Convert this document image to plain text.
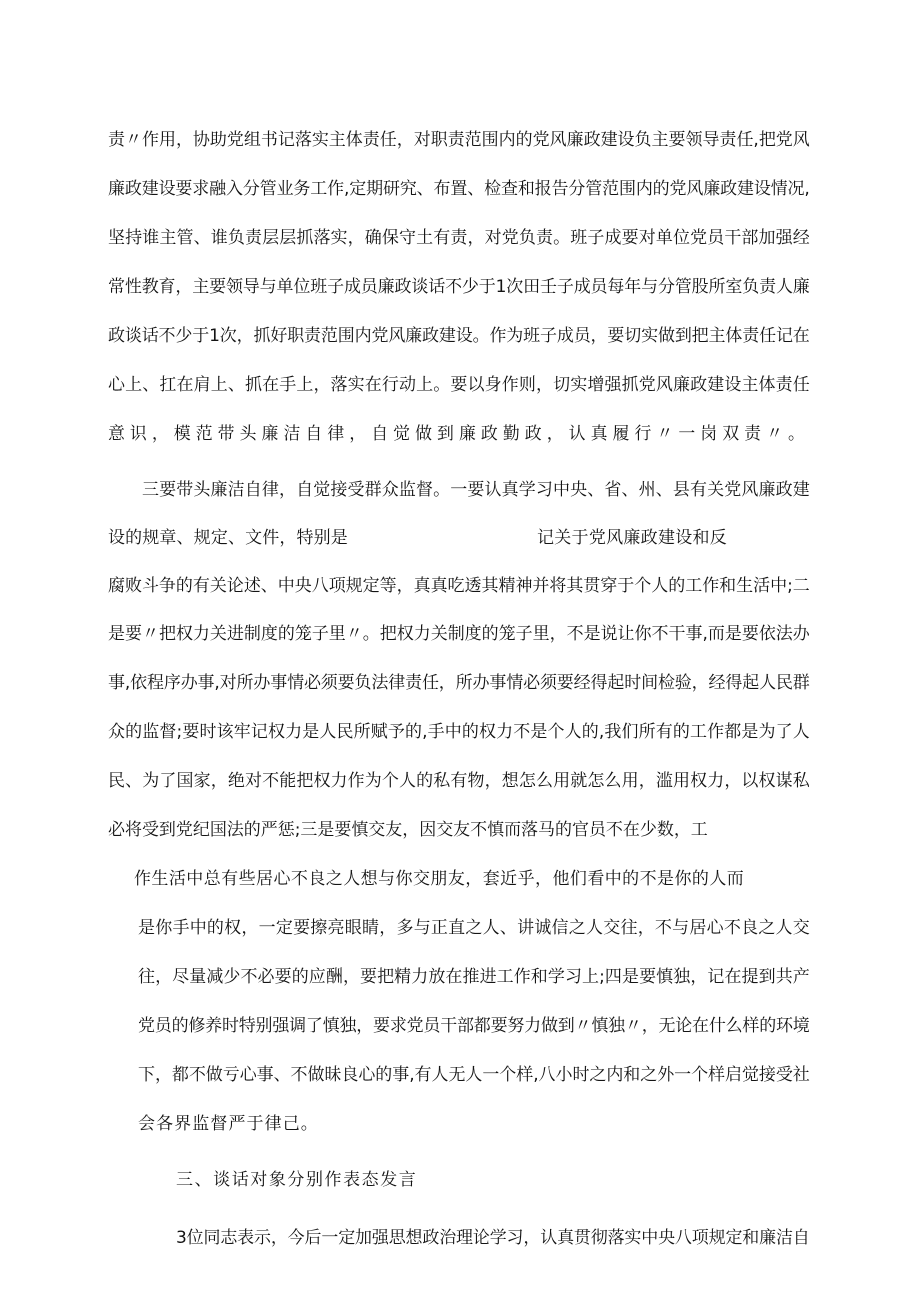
责〃作用，协助党组书记落实主体责任，对职责范围内的党风廉政建设负主要领导责任,把党风
廉政建设要求融入分管业务工作,定期研究、布置、检查和报告分管范围内的党风廉政建设情况,
坚持谁主管、谁负责层层抓落实，确保守土有责，对党负责。班子成要对单位党员干部加强经
常性教育，主要领导与单位班子成员廉政谈话不少于1次田壬子成员每年与分管股所室负责人廉
政谈话不少于1次，抓好职责范围内党风廉政建设。作为班子成员，要切实做到把主体责任记在
心上、扛在肩上、抓在手上，落实在行动上。要以身作则，切实增强抓党风廉政建设主体责任
意识，模范带头廉洁自律，自觉做到廉政勤政，认真履行〃一岗双责〃。
三要带头廉洁自律，自觉接受群众监督。一要认真学习中央、省、州、县有关党风廉政建
设的规章、规定、文件，特别是	记关于党风廉政建设和反
腐败斗争的有关论述、中央八项规定等，真真吃透其精神并将其贯穿于个人的工作和生活中;二
是要〃把权力关进制度的笼子里〃。把权力关制度的笼子里，不是说让你不干事,而是要依法办
事,依程序办事,对所办事情必须要负法律责任，所办事情必须要经得起时间检验，经得起人民群
众的监督;要时该牢记权力是人民所赋予的,手中的权力不是个人的,我们所有的工作都是为了人
民、为了国家，绝对不能把权力作为个人的私有物，想怎么用就怎么用，滥用权力，以权谋私
必将受到党纪国法的严惩;三是要慎交友，因交友不慎而落马的官员不在少数，工
作生活中总有些居心不良之人想与你交朋友，套近乎，他们看中的不是你的人而
是你手中的权，一定要擦亮眼睛，多与正直之人、讲诚信之人交往，不与居心不良之人交
往，尽量减少不必要的应酬，要把精力放在推进工作和学习上;四是要慎独，记在提到共产
党员的修养时特别强调了慎独，要求党员干部都要努力做到〃慎独〃，无论在什么样的环境
下，都不做亏心事、不做昧良心的事,有人无人一个样,八小时之内和之外一个样启觉接受社
会各界监督严于律己。
三、谈话对象分别作表态发言
3位同志表示，今后一定加强思想政治理论学习，认真贯彻落实中央八项规定和廉洁自
